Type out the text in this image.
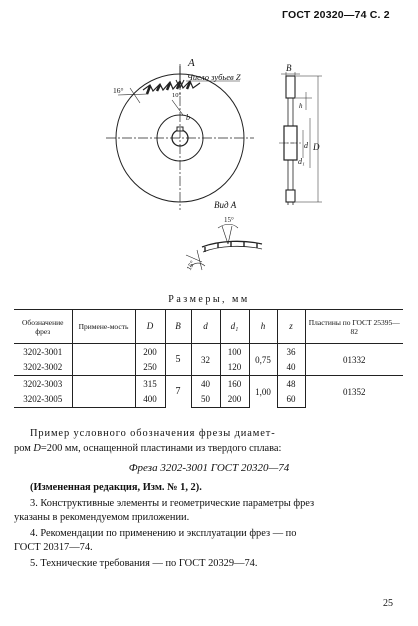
ГОСТ 20320—74 С. 2
A
Число зубьев Z
16°
10°
b
Вид А
15°
15°
B
h
d
d₁
D
Размеры, мм
Обозначение фрез	Примене-мость	D	B	d	d₁	h	z	Пластины по ГОСТ 25395—82
3202-3001		200	5	32	100	0,75	36	01332
3202-3002		250			120		40	
3202-3003		315	7	40	160	1,00	48	01352
3202-3005		400		50	200		60	
Пример условного обозначения фрезы диамет-
ром D=200 мм, оснащенной пластинами из твердого сплава:
Фреза 3202-3001 ГОСТ 20320—74
(Измененная редакция, Изм. № 1, 2).
3. Конструктивные элементы и геометрические параметры фрез
указаны в рекомендуемом приложении.
4. Рекомендации по применению и эксплуатации фрез — по
ГОСТ 20317—74.
5. Технические требования — по ГОСТ 20329—74.
25
